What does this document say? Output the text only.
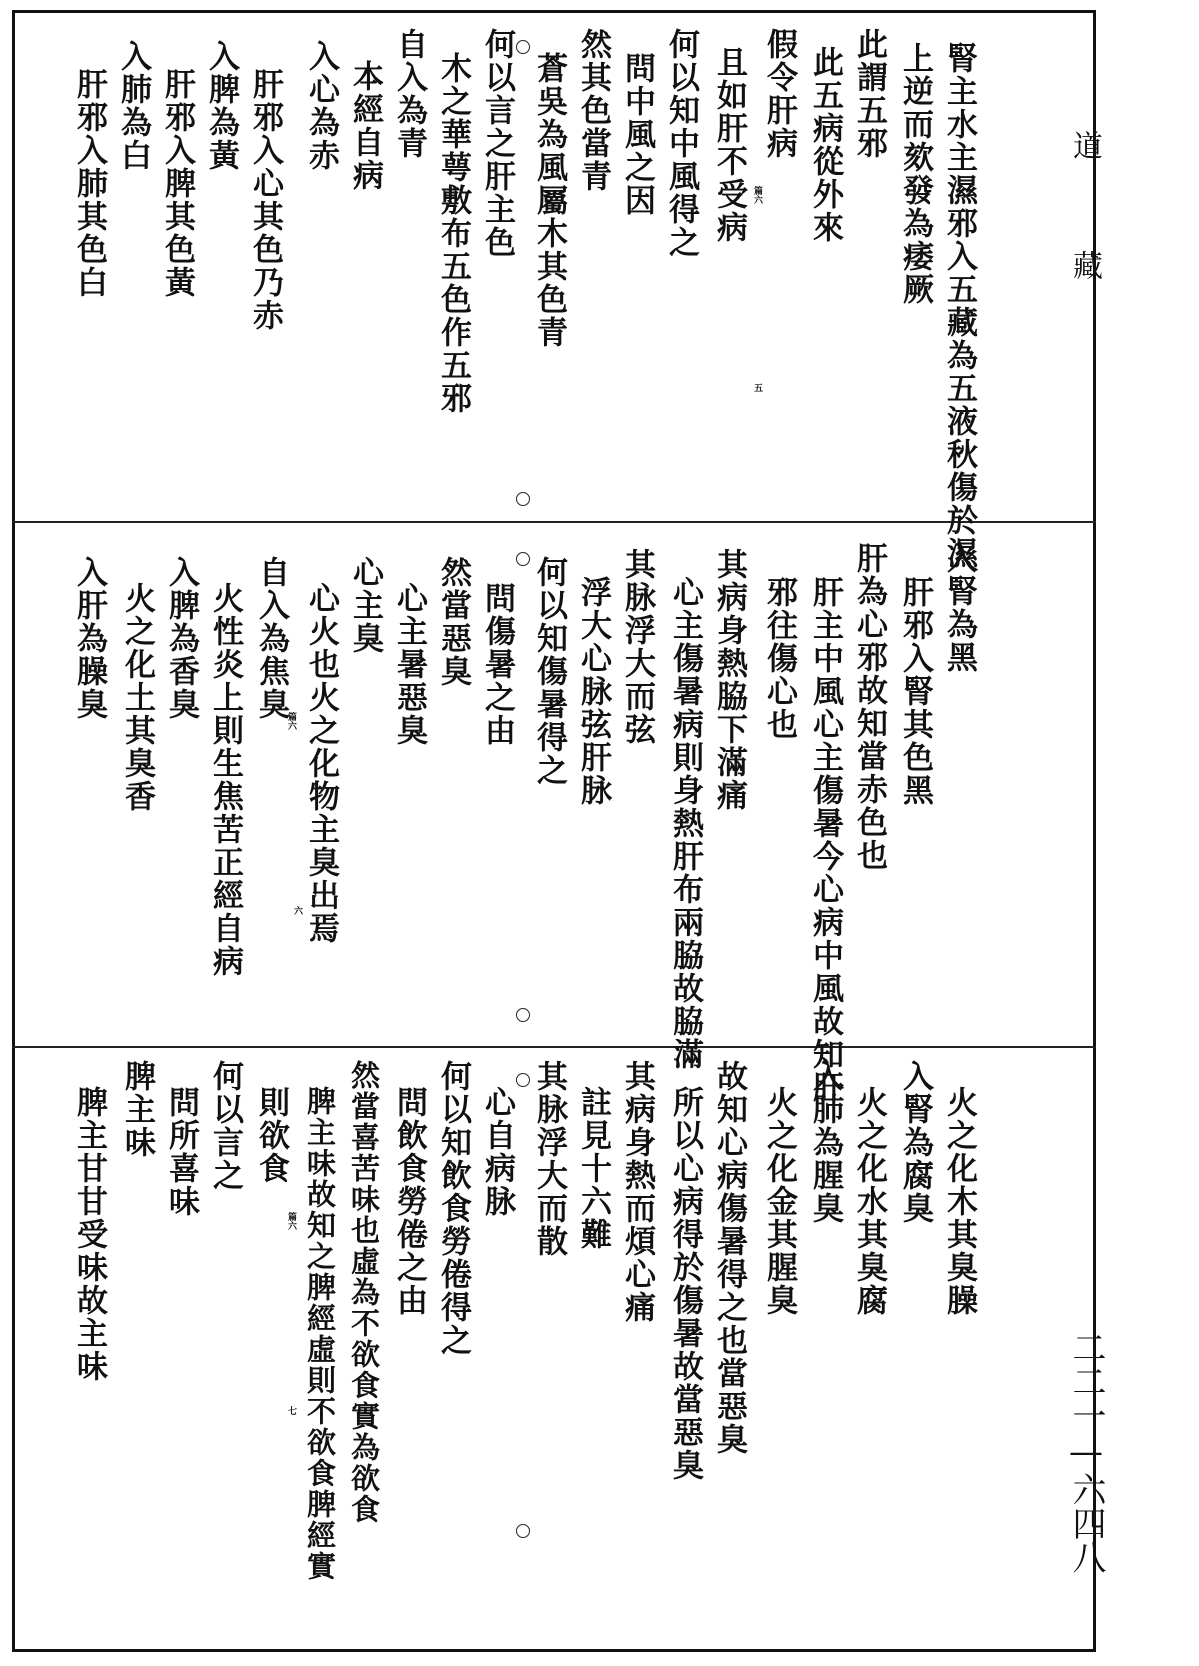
道
藏
二二一—六四八
篇六
五
篇六
六
篇六
七
腎主水主濕邪入五藏為五液秋傷於濕
上逆而欬發為痿厥
此謂五邪
此五病從外來
假令肝病
且如肝不受病
何以知中風得之
問中風之因
然其色當青
蒼吳為風屬木其色青
何以言之肝主色
木之華萼敷布五色作五邪
自入為青
本經自病
入心為赤
肝邪入心其色乃赤
入脾為黃
肝邪入脾其色黃
入肺為白
肝邪入肺其色白
入腎為黑
肝邪入腎其色黑
肝為心邪故知當赤色也
肝主中風心主傷暑今心病中風故知肝
邪往傷心也
其病身熱脇下滿痛
心主傷暑病則身熱肝布兩脇故脇滿
其脉浮大而弦
浮大心脉弦肝脉
何以知傷暑得之
問傷暑之由
然當惡臭
心主暑惡臭
心主臭
心火也火之化物主臭出焉
自入為焦臭
火性炎上則生焦苦正經自病
入脾為香臭
火之化土其臭香
入肝為臊臭
火之化木其臭臊
入腎為腐臭
火之化水其臭腐
入肺為腥臭
火之化金其腥臭
故知心病傷暑得之也當惡臭
所以心病得於傷暑故當惡臭
其病身熱而煩心痛
註見十六難
其脉浮大而散
心自病脉
何以知飲食勞倦得之
問飲食勞倦之由
然當喜苦味也虛為不欲食實為欲食
脾主味故知之脾經虛則不欲食脾經實
則欲食
何以言之
問所喜味
脾主味
脾主甘甘受味故主味
